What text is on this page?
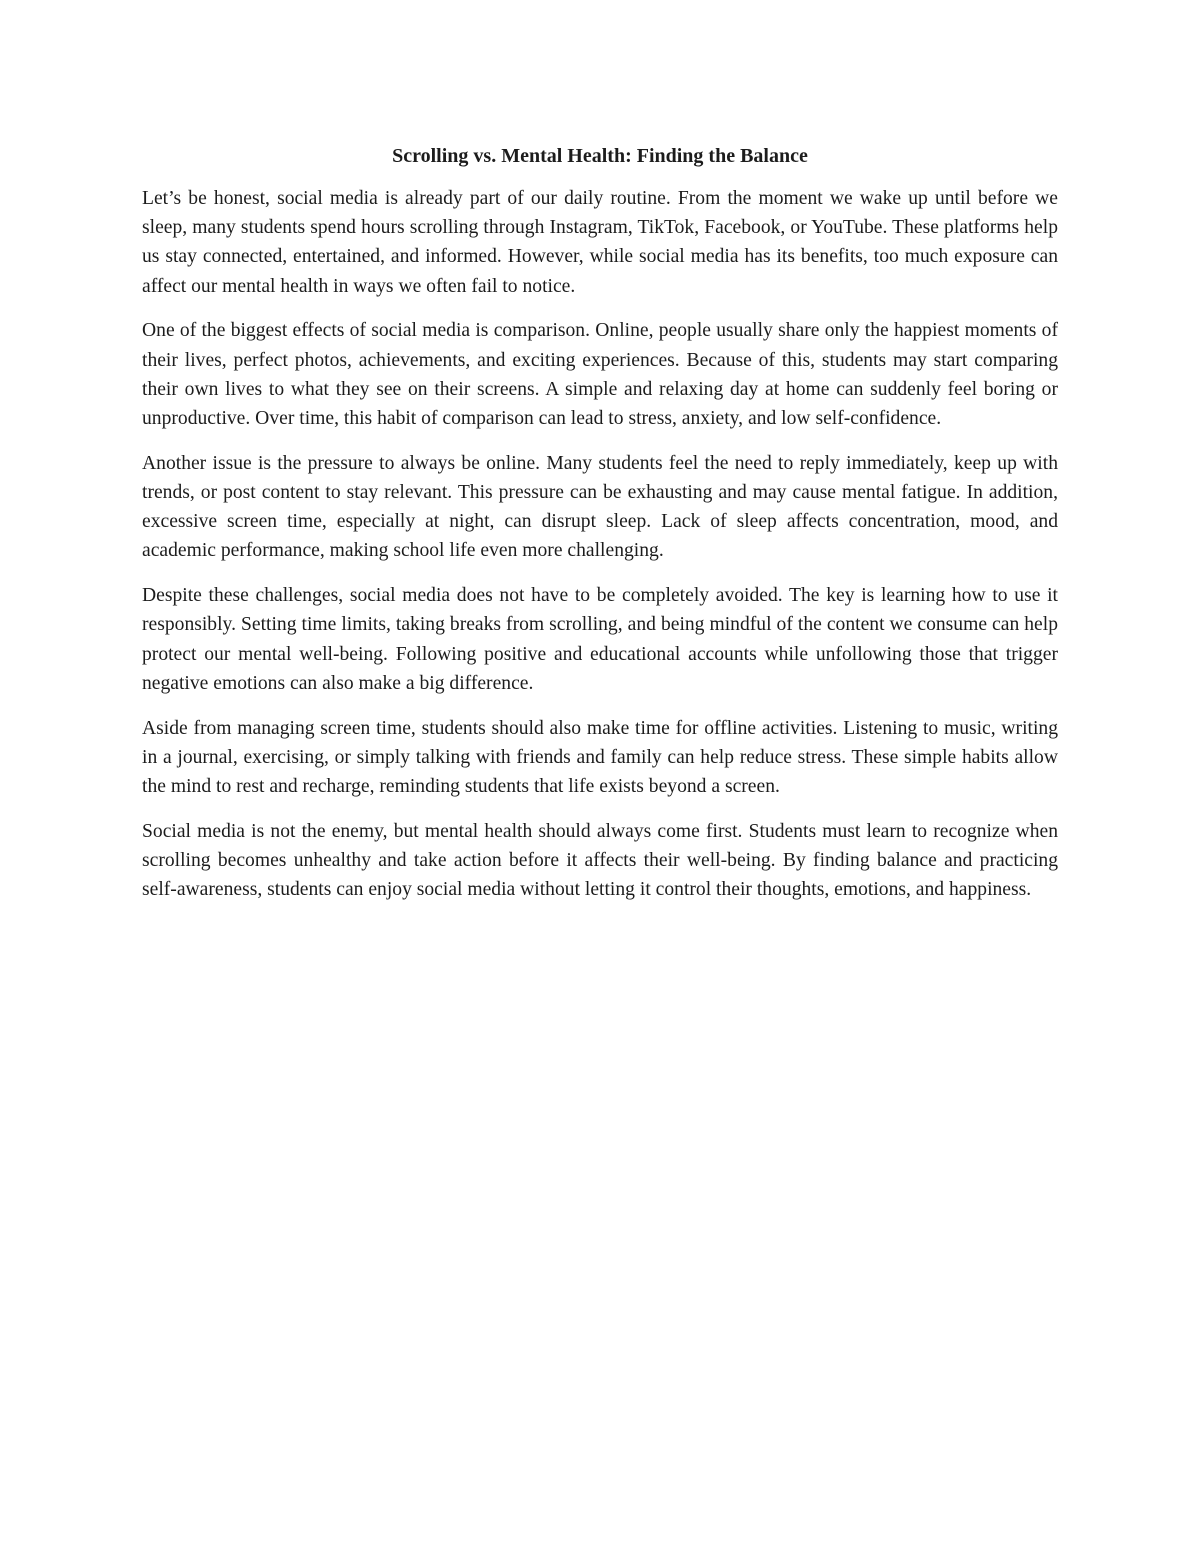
Scrolling vs. Mental Health: Finding the Balance

Let’s be honest, social media is already part of our daily routine. From the moment we wake up until before we sleep, many students spend hours scrolling through Instagram, TikTok, Facebook, or YouTube. These platforms help us stay connected, entertained, and informed. However, while social media has its benefits, too much exposure can affect our mental health in ways we often fail to notice.

One of the biggest effects of social media is comparison. Online, people usually share only the happiest moments of their lives, perfect photos, achievements, and exciting experiences. Because of this, students may start comparing their own lives to what they see on their screens. A simple and relaxing day at home can suddenly feel boring or unproductive. Over time, this habit of comparison can lead to stress, anxiety, and low self-confidence.

Another issue is the pressure to always be online. Many students feel the need to reply immediately, keep up with trends, or post content to stay relevant. This pressure can be exhausting and may cause mental fatigue. In addition, excessive screen time, especially at night, can disrupt sleep. Lack of sleep affects concentration, mood, and academic performance, making school life even more challenging.

Despite these challenges, social media does not have to be completely avoided. The key is learning how to use it responsibly. Setting time limits, taking breaks from scrolling, and being mindful of the content we consume can help protect our mental well-being. Following positive and educational accounts while unfollowing those that trigger negative emotions can also make a big difference.

Aside from managing screen time, students should also make time for offline activities. Listening to music, writing in a journal, exercising, or simply talking with friends and family can help reduce stress. These simple habits allow the mind to rest and recharge, reminding students that life exists beyond a screen.

Social media is not the enemy, but mental health should always come first. Students must learn to recognize when scrolling becomes unhealthy and take action before it affects their well-being. By finding balance and practicing self-awareness, students can enjoy social media without letting it control their thoughts, emotions, and happiness.
